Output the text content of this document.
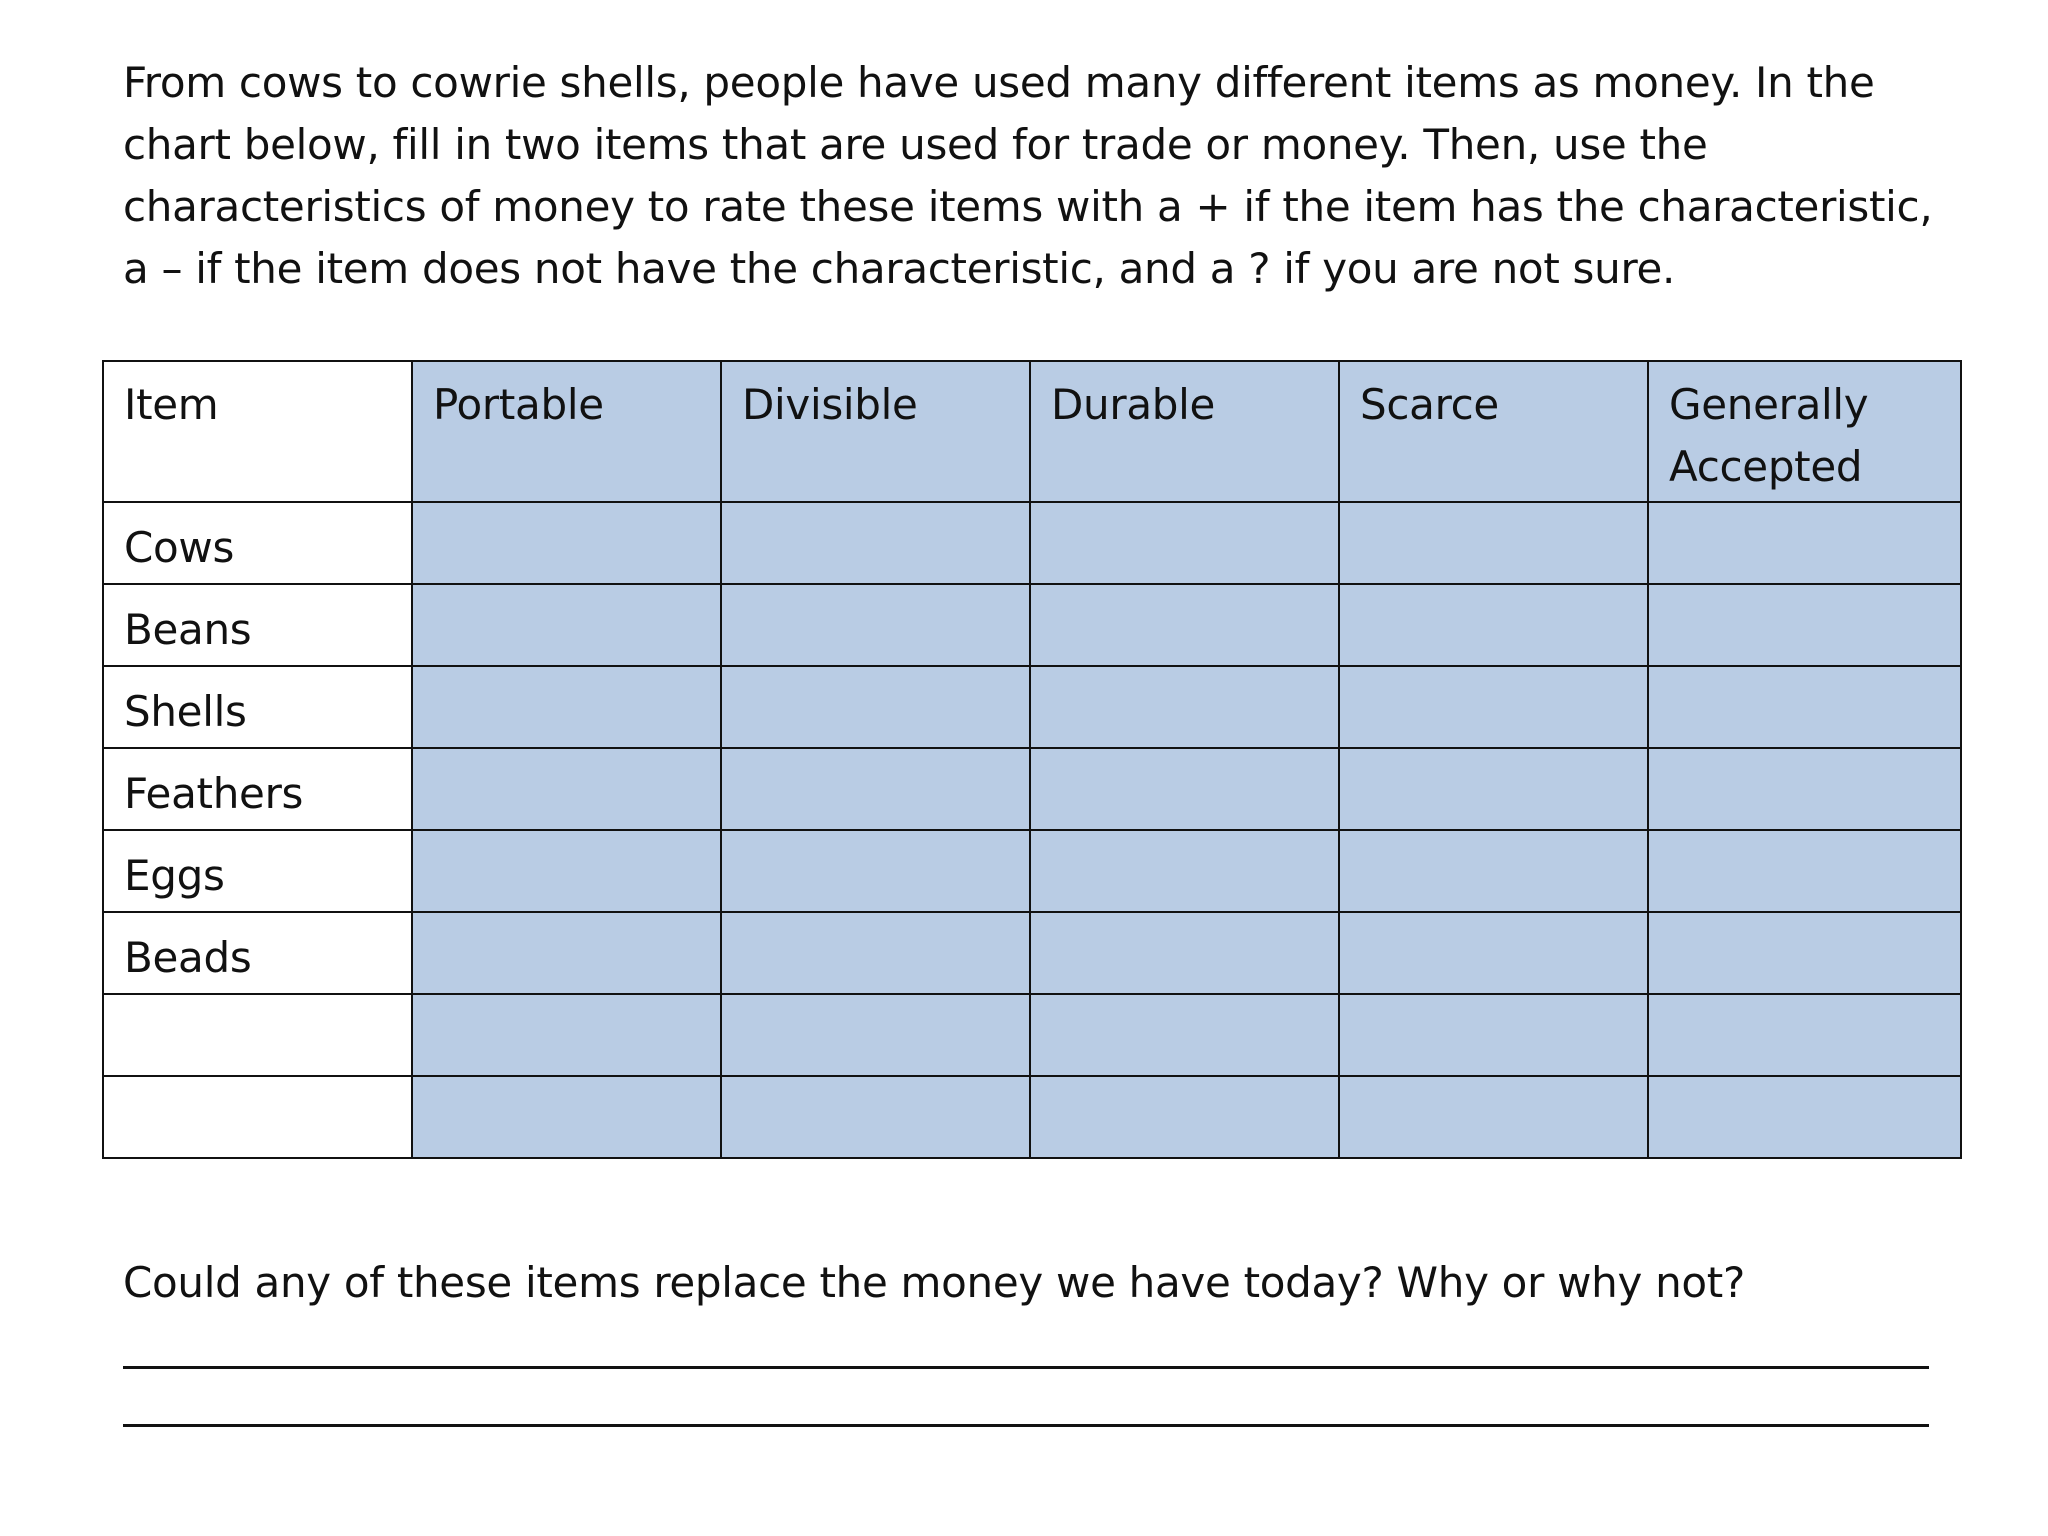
From cows to cowrie shells, people have used many different items as money. In the chart below, fill in two items that are used for trade or money. Then, use the characteristics of money to rate these items with a + if the item has the characteristic, a – if the item does not have the characteristic, and a ? if you are not sure.

Item	Portable	Divisible	Durable	Scarce	Generally Accepted
Cows					
Beans					
Shells					
Feathers					
Eggs					
Beads					

Could any of these items replace the money we have today? Why or why not?
